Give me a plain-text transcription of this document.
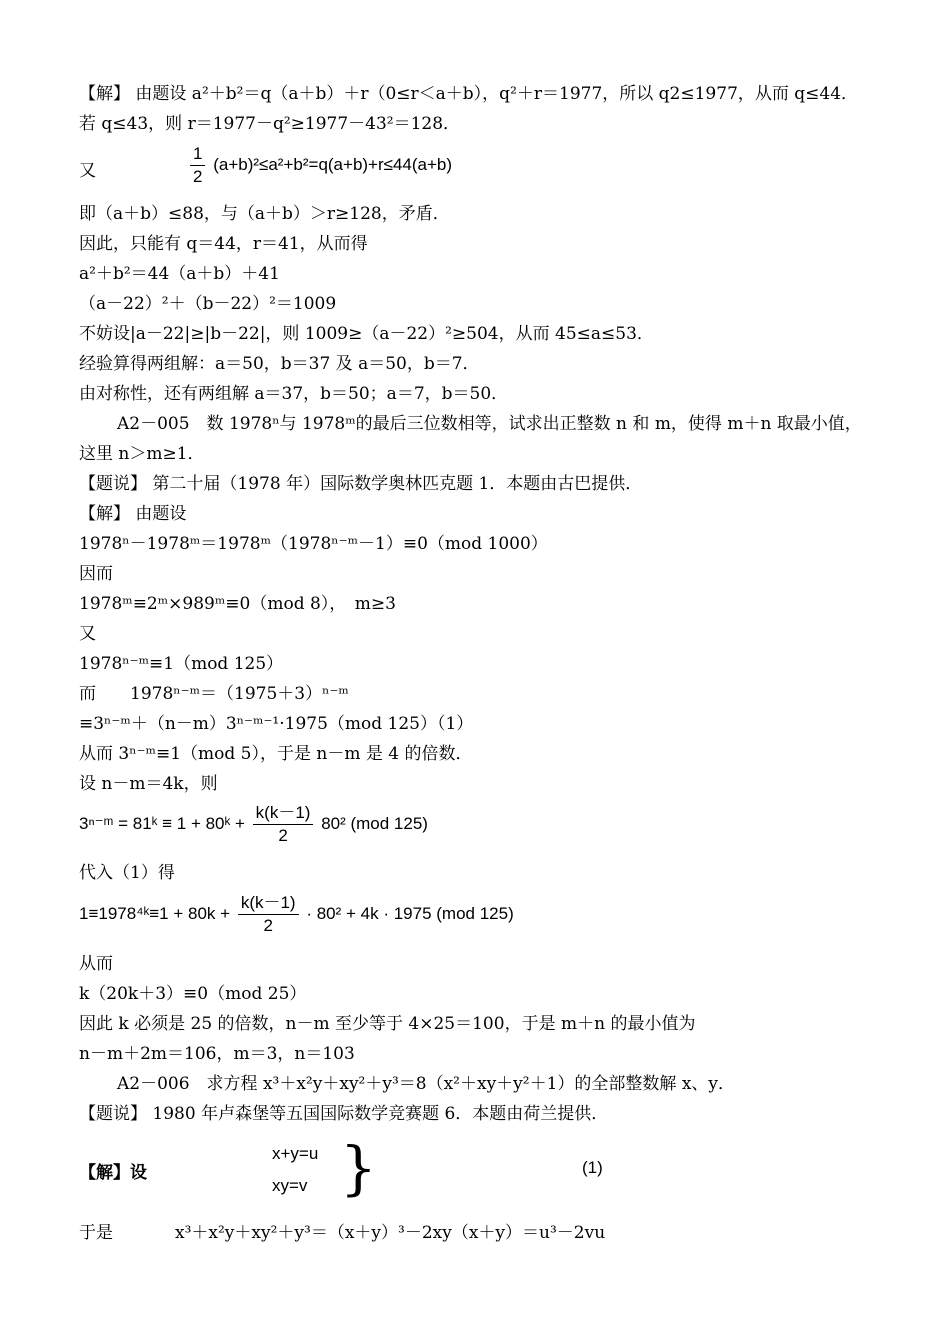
【解】 由题设 a²＋b²＝q（a＋b）＋r（0≤r＜a＋b），q²＋r＝1977，所以 q2≤1977，从而 q≤44．
若 q≤43，则 r＝1977－q²≥1977－43²＝128．
又	$\frac{1}{2} (a+b)^2\le a^2+b^2=q(a+b)+r\le 44(a+b)$
即（a＋b）≤88，与（a＋b）＞r≥128，矛盾．
因此，只能有 q＝44，r＝41，从而得
a²＋b²＝44（a＋b）＋41
（a－22）²＋（b－22）²＝1009
不妨设|a－22|≥|b－22|，则 1009≥（a－22）²≥504，从而 45≤a≤53．
经验算得两组解：a＝50，b＝37 及 a＝50，b＝7．
由对称性，还有两组解 a＝37，b＝50；a＝7，b＝50．
A2－005　数 1978ⁿ与 1978ᵐ的最后三位数相等，试求出正整数 n 和 m，使得 m＋n 取最小值，
这里 n＞m≥1．
【题说】 第二十届（1978 年）国际数学奥林匹克题 1．本题由古巴提供．
【解】 由题设
1978ⁿ－1978ᵐ＝1978ᵐ（1978ⁿ⁻ᵐ－1）≡0（mod 1000）
因而
1978ᵐ≡2ᵐ×989ᵐ≡0（mod 8），　m≥3
又
1978ⁿ⁻ᵐ≡1（mod 125）
而　　1978ⁿ⁻ᵐ＝（1975＋3）ⁿ⁻ᵐ
≡3ⁿ⁻ᵐ＋（n－m）3ⁿ⁻ᵐ⁻¹·1975（mod 125）（1）
从而 3ⁿ⁻ᵐ≡1（mod 5），于是 n－m 是 4 的倍数．
设 n－m＝4k，则
3ⁿ⁻ᵐ = 81ᵏ ≡ 1 + 80ᵏ + $\frac{k(k-1)}{2} 80^2$ (mod 125)
代入（1）得
1≡1978⁴ᵏ≡1 + $80k + \frac{k(k-1)}{2} \cdot 80^2 + 4k \cdot 1975$ (mod 125)
从而
k（20k＋3）≡0（mod 25）
因此 k 必须是 25 的倍数，n－m 至少等于 4×25＝100，于是 m＋n 的最小值为
n－m＋2m＝106，m＝3，n＝103
A2－006　求方程 x³＋x²y＋xy²＋y³＝8（x²＋xy＋y²＋1）的全部整数解 x、y．
【题说】 1980 年卢森堡等五国国际数学竞赛题 6．本题由荷兰提供．
【解】设
x+y=u
xy=v }	(1)
于是	x³＋x²y＋xy²＋y³＝（x＋y）³－2xy（x＋y）＝u³－2vu
